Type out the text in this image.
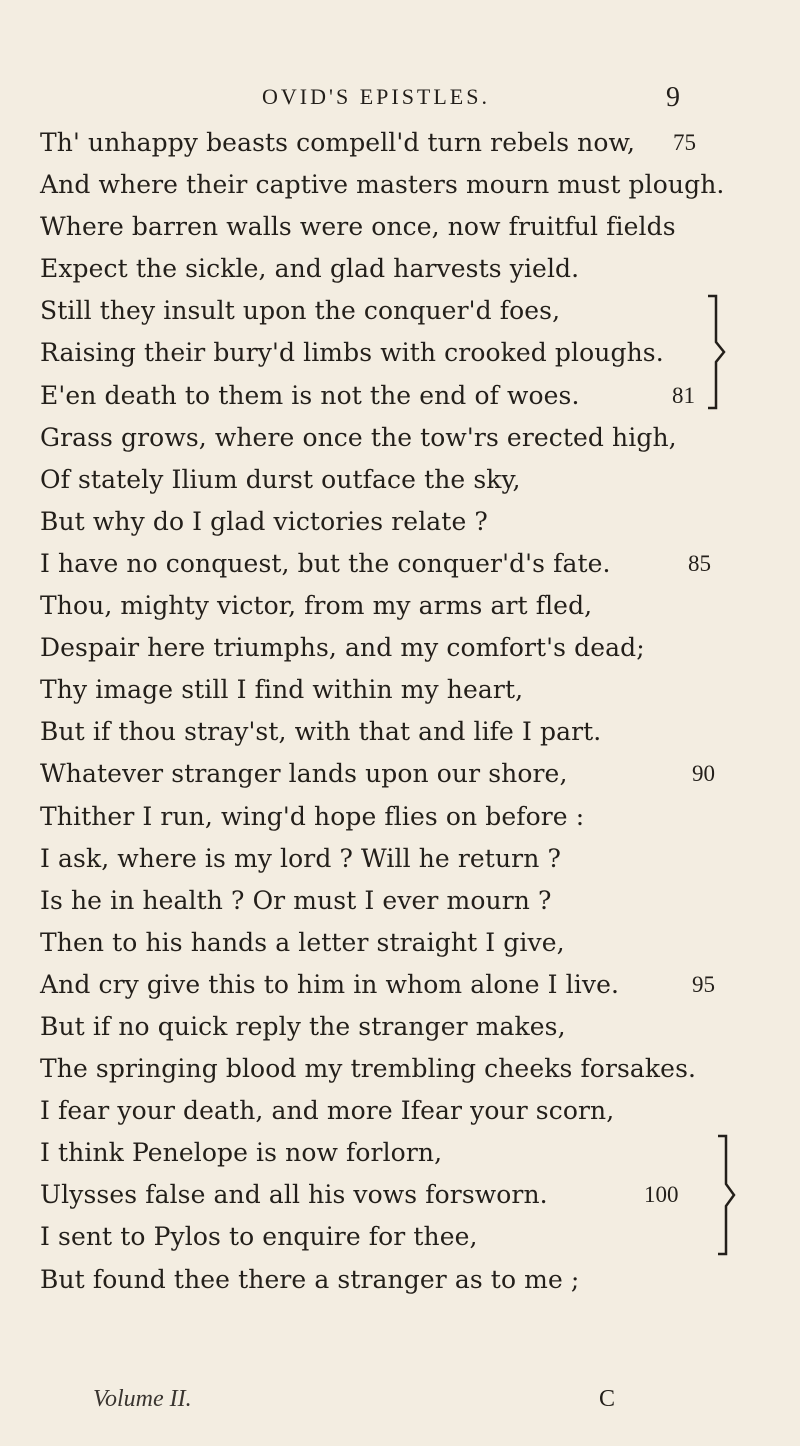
OVID'S EPISTLES.	9
Th' unhappy beasts compell'd turn rebels now, 75
And where their captive masters mourn must plough.
Where barren walls were once, now fruitful fields
Expect the sickle, and glad harvests yield.
Still they insult upon the conquer'd foes,
Raising their bury'd limbs with crooked ploughs.
E'en death to them is not the end of woes.	81
Grass grows, where once the tow'rs erected high,
Of stately Ilium durst outface the sky,
But why do I glad victories relate ?
I have no conquest, but the conquer'd's fate.	85
Thou, mighty victor, from my arms art fled,
Despair here triumphs, and my comfort's dead;
Thy image still I find within my heart,
But if thou stray'st, with that and life I part.
Whatever stranger lands upon our shore,	90
Thither I run, wing'd hope flies on before :
I ask, where is my lord ? Will he return ?
Is he in health ? Or must I ever mourn ?
Then to his hands a letter straight I give,
And cry give this to him in whom alone I live.	95
But if no quick reply the stranger makes,
The springing blood my trembling cheeks forsakes.
I fear your death, and more Ifear your scorn,
I think Penelope is now forlorn,
Ulysses false and all his vows forsworn.	100
I sent to Pylos to enquire for thee,
But found thee there a stranger as to me ;
Volume II.	C
